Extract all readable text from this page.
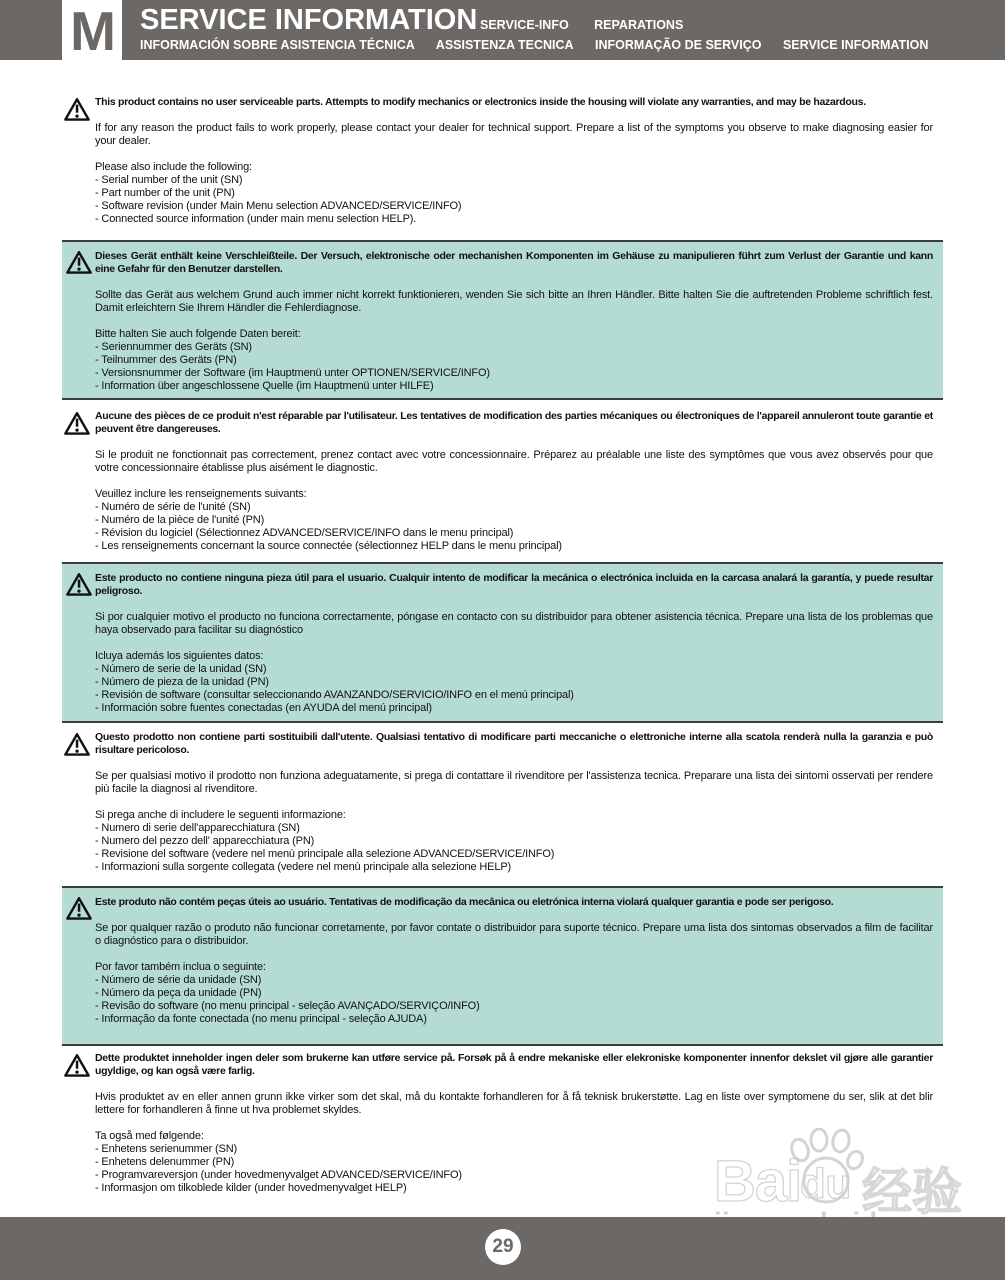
SERVICE INFORMATION SERVICE-INFO REPARATIONS
INFORMACIÓN SOBRE ASISTENCIA TÉCNICA ASSISTENZA TECNICA INFORMAÇÃO DE SERVIÇO SERVICE INFORMATION
M

This product contains no user serviceable parts. Attempts to modify mechanics or electronics inside the housing will violate any warranties, and may be hazardous.

If for any reason the product fails to work properly, please contact your dealer for technical support. Prepare a list of the symptoms you observe to make diagnosing easier for your dealer.

Please also include the following:
- Serial number of the unit (SN)
- Part number of the unit (PN)
- Software revision (under Main Menu selection ADVANCED/SERVICE/INFO)
- Connected source information (under main menu selection HELP).

Dieses Gerät enthält keine Verschleißteile. Der Versuch, elektronische oder mechanishen Komponenten im Gehäuse zu manipulieren führt zum Verlust der Garantie und kann eine Gefahr für den Benutzer darstellen.

Sollte das Gerät aus welchem Grund auch immer nicht korrekt funktionieren, wenden Sie sich bitte an Ihren Händler. Bitte halten Sie die auftretenden Probleme schriftlich fest. Damit erleichtern Sie Ihrem Händler die Fehlerdiagnose.

Bitte halten Sie auch folgende Daten bereit:
- Seriennummer des Geräts (SN)
- Teilnummer des Geräts (PN)
- Versionsnummer der Software (im Hauptmenü unter OPTIONEN/SERVICE/INFO)
- Information über angeschlossene Quelle (im Hauptmenü unter HILFE)

Aucune des pièces de ce produit n'est réparable par l'utilisateur. Les tentatives de modification des parties mécaniques ou électroniques de l'appareil annuleront toute garantie et peuvent être dangereuses.

Si le produit ne fonctionnait pas correctement, prenez contact avec votre concessionnaire. Préparez au préalable une liste des symptômes que vous avez observés pour que votre concessionnaire établisse plus aisément le diagnostic.

Veuillez inclure les renseignements suivants:
- Numéro de série de l'unité (SN)
- Numéro de la pièce de l'unité (PN)
- Révision du logiciel (Sélectionnez ADVANCED/SERVICE/INFO dans le menu principal)
- Les renseignements concernant la source connectée (sélectionnez HELP dans le menu principal)

Este producto no contiene ninguna pieza útil para el usuario. Cualquir intento de modificar la mecánica o electrónica incluida en la carcasa analará la garantía, y puede resultar peligroso.

Si por cualquier motivo el producto no funciona correctamente, póngase en contacto con su distribuidor para obtener asistencia técnica. Prepare una lista de los problemas que haya observado para facilitar su diagnóstico

Icluya además los siguientes datos:
- Número de serie de la unidad (SN)
- Número de pieza de la unidad (PN)
- Revisión de software (consultar seleccionando AVANZANDO/SERVICIO/INFO en el menú principal)
- Información sobre fuentes conectadas (en AYUDA del menú principal)

Questo prodotto non contiene parti sostituibili dall'utente. Qualsiasi tentativo di modificare parti meccaniche o elettroniche interne alla scatola renderà nulla la garanzia e può risultare pericoloso.

Se per qualsiasi motivo il prodotto non funziona adeguatamente, si prega di contattare il rivenditore per l'assistenza tecnica. Preparare una lista dei sintomi osservati per rendere più facile la diagnosi al rivenditore.

Si prega anche di includere le seguenti informazione:
- Numero di serie dell'apparecchiatura (SN)
- Numero del pezzo dell' apparecchiatura (PN)
- Revisione del software (vedere nel menù principale alla selezione ADVANCED/SERVICE/INFO)
- Informazioni sulla sorgente collegata (vedere nel menù principale alla selezione HELP)

Este produto não contém peças úteis ao usuário. Tentativas de modificação da mecânica ou eletrónica interna violará qualquer garantia e pode ser perigoso.

Se por qualquer razão o produto não funcionar corretamente, por favor contate o distribuidor para suporte técnico. Prepare uma lista dos sintomas observados a film de facilitar o diagnóstico para o distribuidor.

Por favor também inclua o seguinte:
- Número de série da unidade (SN)
- Número da peça da unidade (PN)
- Revisão do software (no menu principal - seleção AVANÇADO/SERVIÇO/INFO)
- Informação da fonte conectada (no menu principal - seleção AJUDA)

Dette produktet inneholder ingen deler som brukerne kan utføre service på. Forsøk på å endre mekaniske eller elekroniske komponenter innenfor dekslet vil gjøre alle garantier ugyldige, og kan også være farlig.

Hvis produktet av en eller annen grunn ikke virker som det skal, må du kontakte forhandleren for å få teknisk brukerstøtte. Lag en liste over symptomene du ser, slik at det blir lettere for forhandleren å finne ut hva problemet skyldes.

Ta også med følgende:
- Enhetens serienummer (SN)
- Enhetens delenummer (PN)
- Programvareversjon (under hovedmenyvalget ADVANCED/SERVICE/INFO)
- Informasjon om tilkoblede kilder (under hovedmenyvalget HELP)	Bai
du 经验
29
